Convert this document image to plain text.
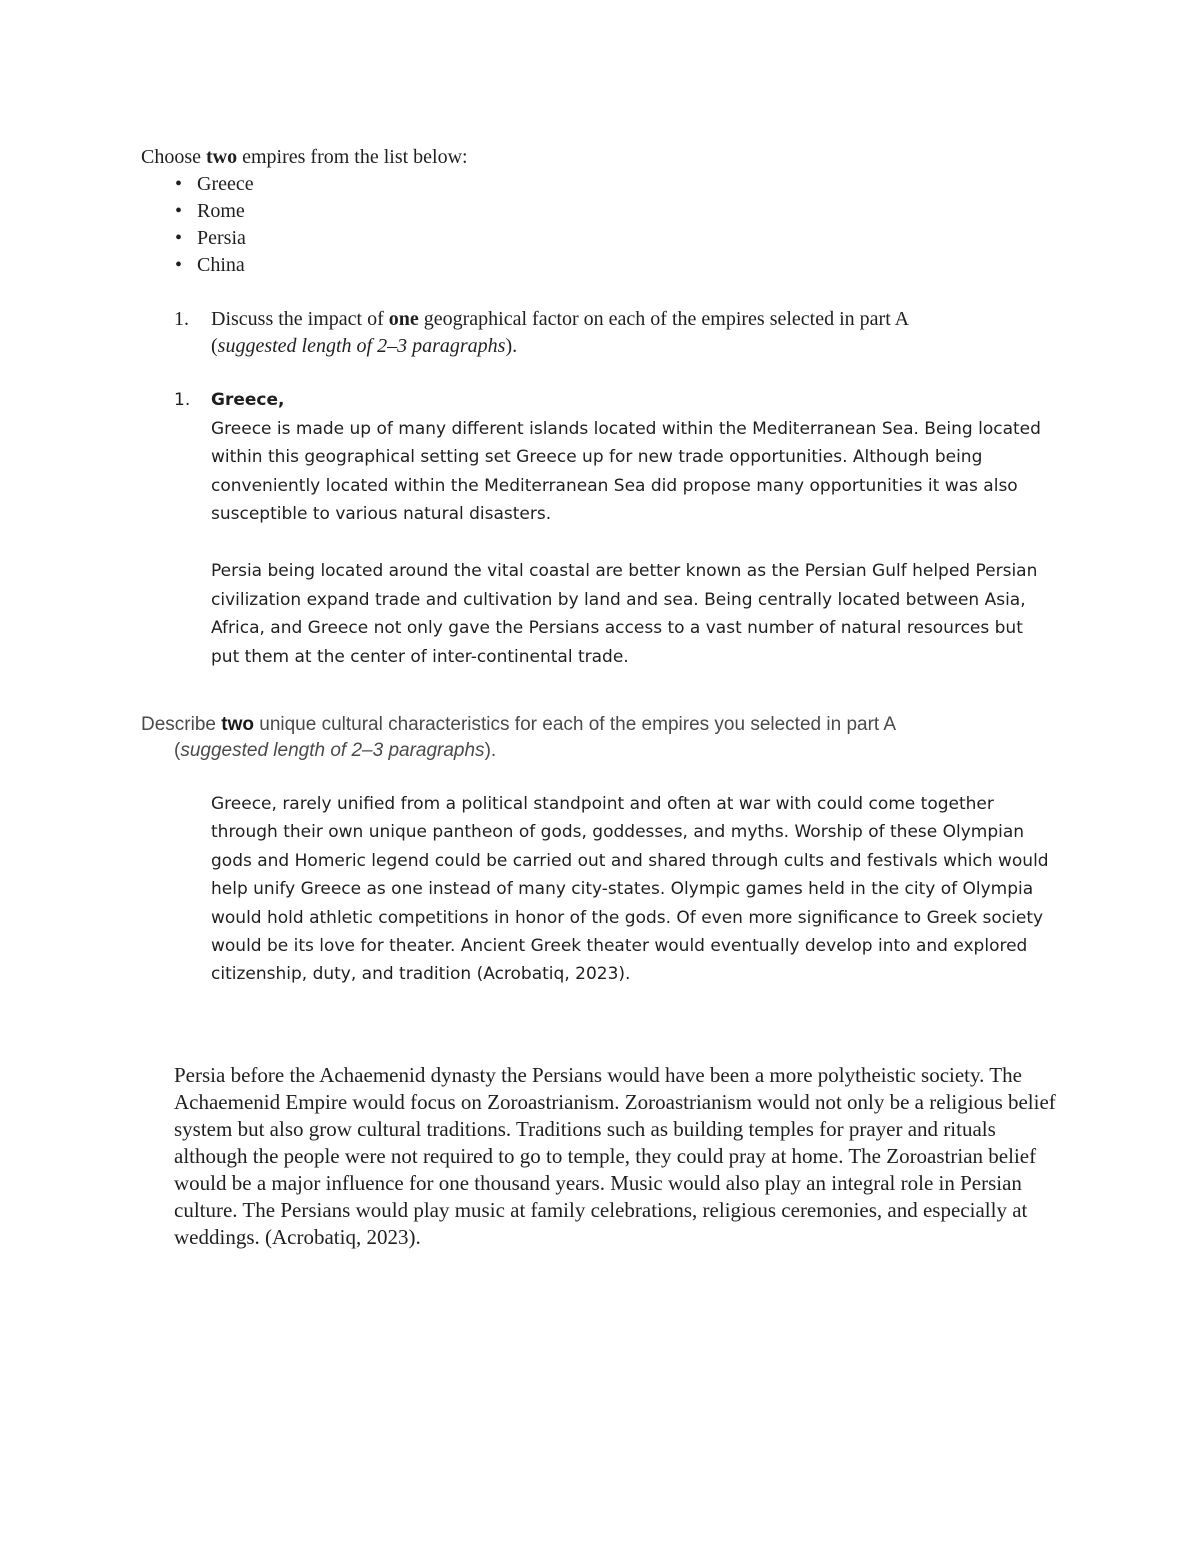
Choose two empires from the list below:
• Greece
• Rome
• Persia
• China
1. Discuss the impact of one geographical factor on each of the empires selected in part A
(suggested length of 2–3 paragraphs).
1. Greece,

Greece is made up of many different islands located within the Mediterranean Sea. Being located within this geographical setting set Greece up for new trade opportunities. Although being conveniently located within the Mediterranean Sea did propose many opportunities it was also susceptible to various natural disasters.

Persia being located around the vital coastal are better known as the Persian Gulf helped Persian civilization expand trade and cultivation by land and sea. Being centrally located between Asia, Africa, and Greece not only gave the Persians access to a vast number of natural resources but put them at the center of inter-continental trade.

Describe two unique cultural characteristics for each of the empires you selected in part A
(suggested length of 2–3 paragraphs).

Greece, rarely unified from a political standpoint and often at war with could come together through their own unique pantheon of gods, goddesses, and myths. Worship of these Olympian gods and Homeric legend could be carried out and shared through cults and festivals which would help unify Greece as one instead of many city-states. Olympic games held in the city of Olympia would hold athletic competitions in honor of the gods. Of even more significance to Greek society would be its love for theater. Ancient Greek theater would eventually develop into and explored citizenship, duty, and tradition (Acrobatiq, 2023).

Persia before the Achaemenid dynasty the Persians would have been a more polytheistic society. The Achaemenid Empire would focus on Zoroastrianism. Zoroastrianism would not only be a religious belief system but also grow cultural traditions. Traditions such as building temples for prayer and rituals although the people were not required to go to temple, they could pray at home. The Zoroastrian belief would be a major influence for one thousand years. Music would also play an integral role in Persian culture. The Persians would play music at family celebrations, religious ceremonies, and especially at weddings. (Acrobatiq, 2023).
